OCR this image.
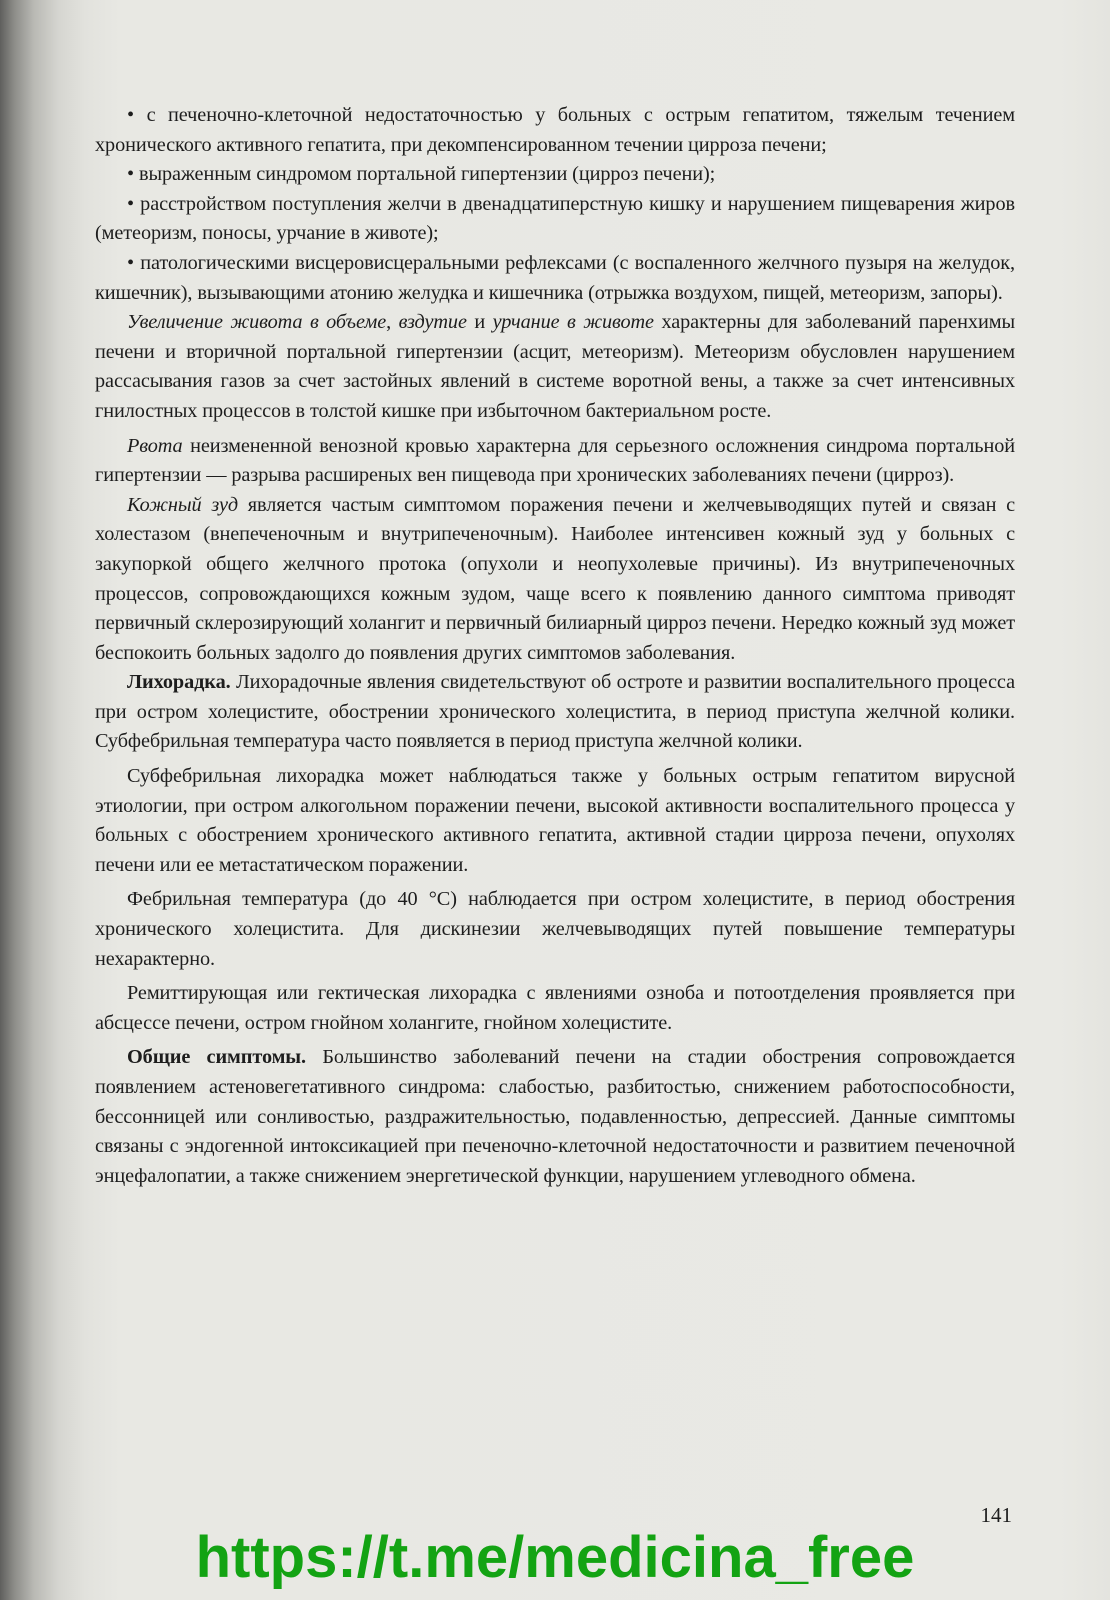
• с печеночно-клеточной недостаточностью у больных с острым гепатитом, тяжелым течением хронического активного гепатита, при декомпенсированном течении цирроза печени;

• выраженным синдромом портальной гипертензии (цирроз печени);

• расстройством поступления желчи в двенадцатиперстную кишку и нарушением пищеварения жиров (метеоризм, поносы, урчание в животе);

• патологическими висцеровисцеральными рефлексами (с воспаленного желчного пузыря на желудок, кишечник), вызывающими атонию желудка и кишечника (отрыжка воздухом, пищей, метеоризм, запоры).

Увеличение живота в объеме, вздутие и урчание в животе характерны для заболеваний паренхимы печени и вторичной портальной гипертензии (асцит, метеоризм). Метеоризм обусловлен нарушением рассасывания газов за счет застойных явлений в системе воротной вены, а также за счет интенсивных гнилостных процессов в толстой кишке при избыточном бактериальном росте.

Рвота неизмененной венозной кровью характерна для серьезного осложнения синдрома портальной гипертензии — разрыва расширеных вен пищевода при хронических заболеваниях печени (цирроз).

Кожный зуд является частым симптомом поражения печени и желчевыводящих путей и связан с холестазом (внепеченочным и внутрипеченочным). Наиболее интенсивен кожный зуд у больных с закупоркой общего желчного протока (опухоли и неопухолевые причины). Из внутрипеченочных процессов, сопровождающихся кожным зудом, чаще всего к появлению данного симптома приводят первичный склерозирующий холангит и первичный билиарный цирроз печени. Нередко кожный зуд может беспокоить больных задолго до появления других симптомов заболевания.

Лихорадка. Лихорадочные явления свидетельствуют об остроте и развитии воспалительного процесса при остром холецистите, обострении хронического холецистита, в период приступа желчной колики. Субфебрильная температура часто появляется в период приступа желчной колики.

Субфебрильная лихорадка может наблюдаться также у больных острым гепатитом вирусной этиологии, при остром алкогольном поражении печени, высокой активности воспалительного процесса у больных с обострением хронического активного гепатита, активной стадии цирроза печени, опухолях печени или ее метастатическом поражении.

Фебрильная температура (до 40 °С) наблюдается при остром холецистите, в период обострения хронического холецистита. Для дискинезии желчевыводящих путей повышение температуры нехарактерно.

Ремиттирующая или гектическая лихорадка с явлениями озноба и потоотделения проявляется при абсцессе печени, остром гнойном холангите, гнойном холецистите.

Общие симптомы. Большинство заболеваний печени на стадии обострения сопровождается появлением астеновегетативного синдрома: слабостью, разбитостью, снижением работоспособности, бессонницей или сонливостью, раздражительностью, подавленностью, депрессией. Данные симптомы связаны с эндогенной интоксикацией при печеночно-клеточной недостаточности и развитием печеночной энцефалопатии, а также снижением энергетической функции, нарушением углеводного обмена.

141
https://t.me/medicina_free
